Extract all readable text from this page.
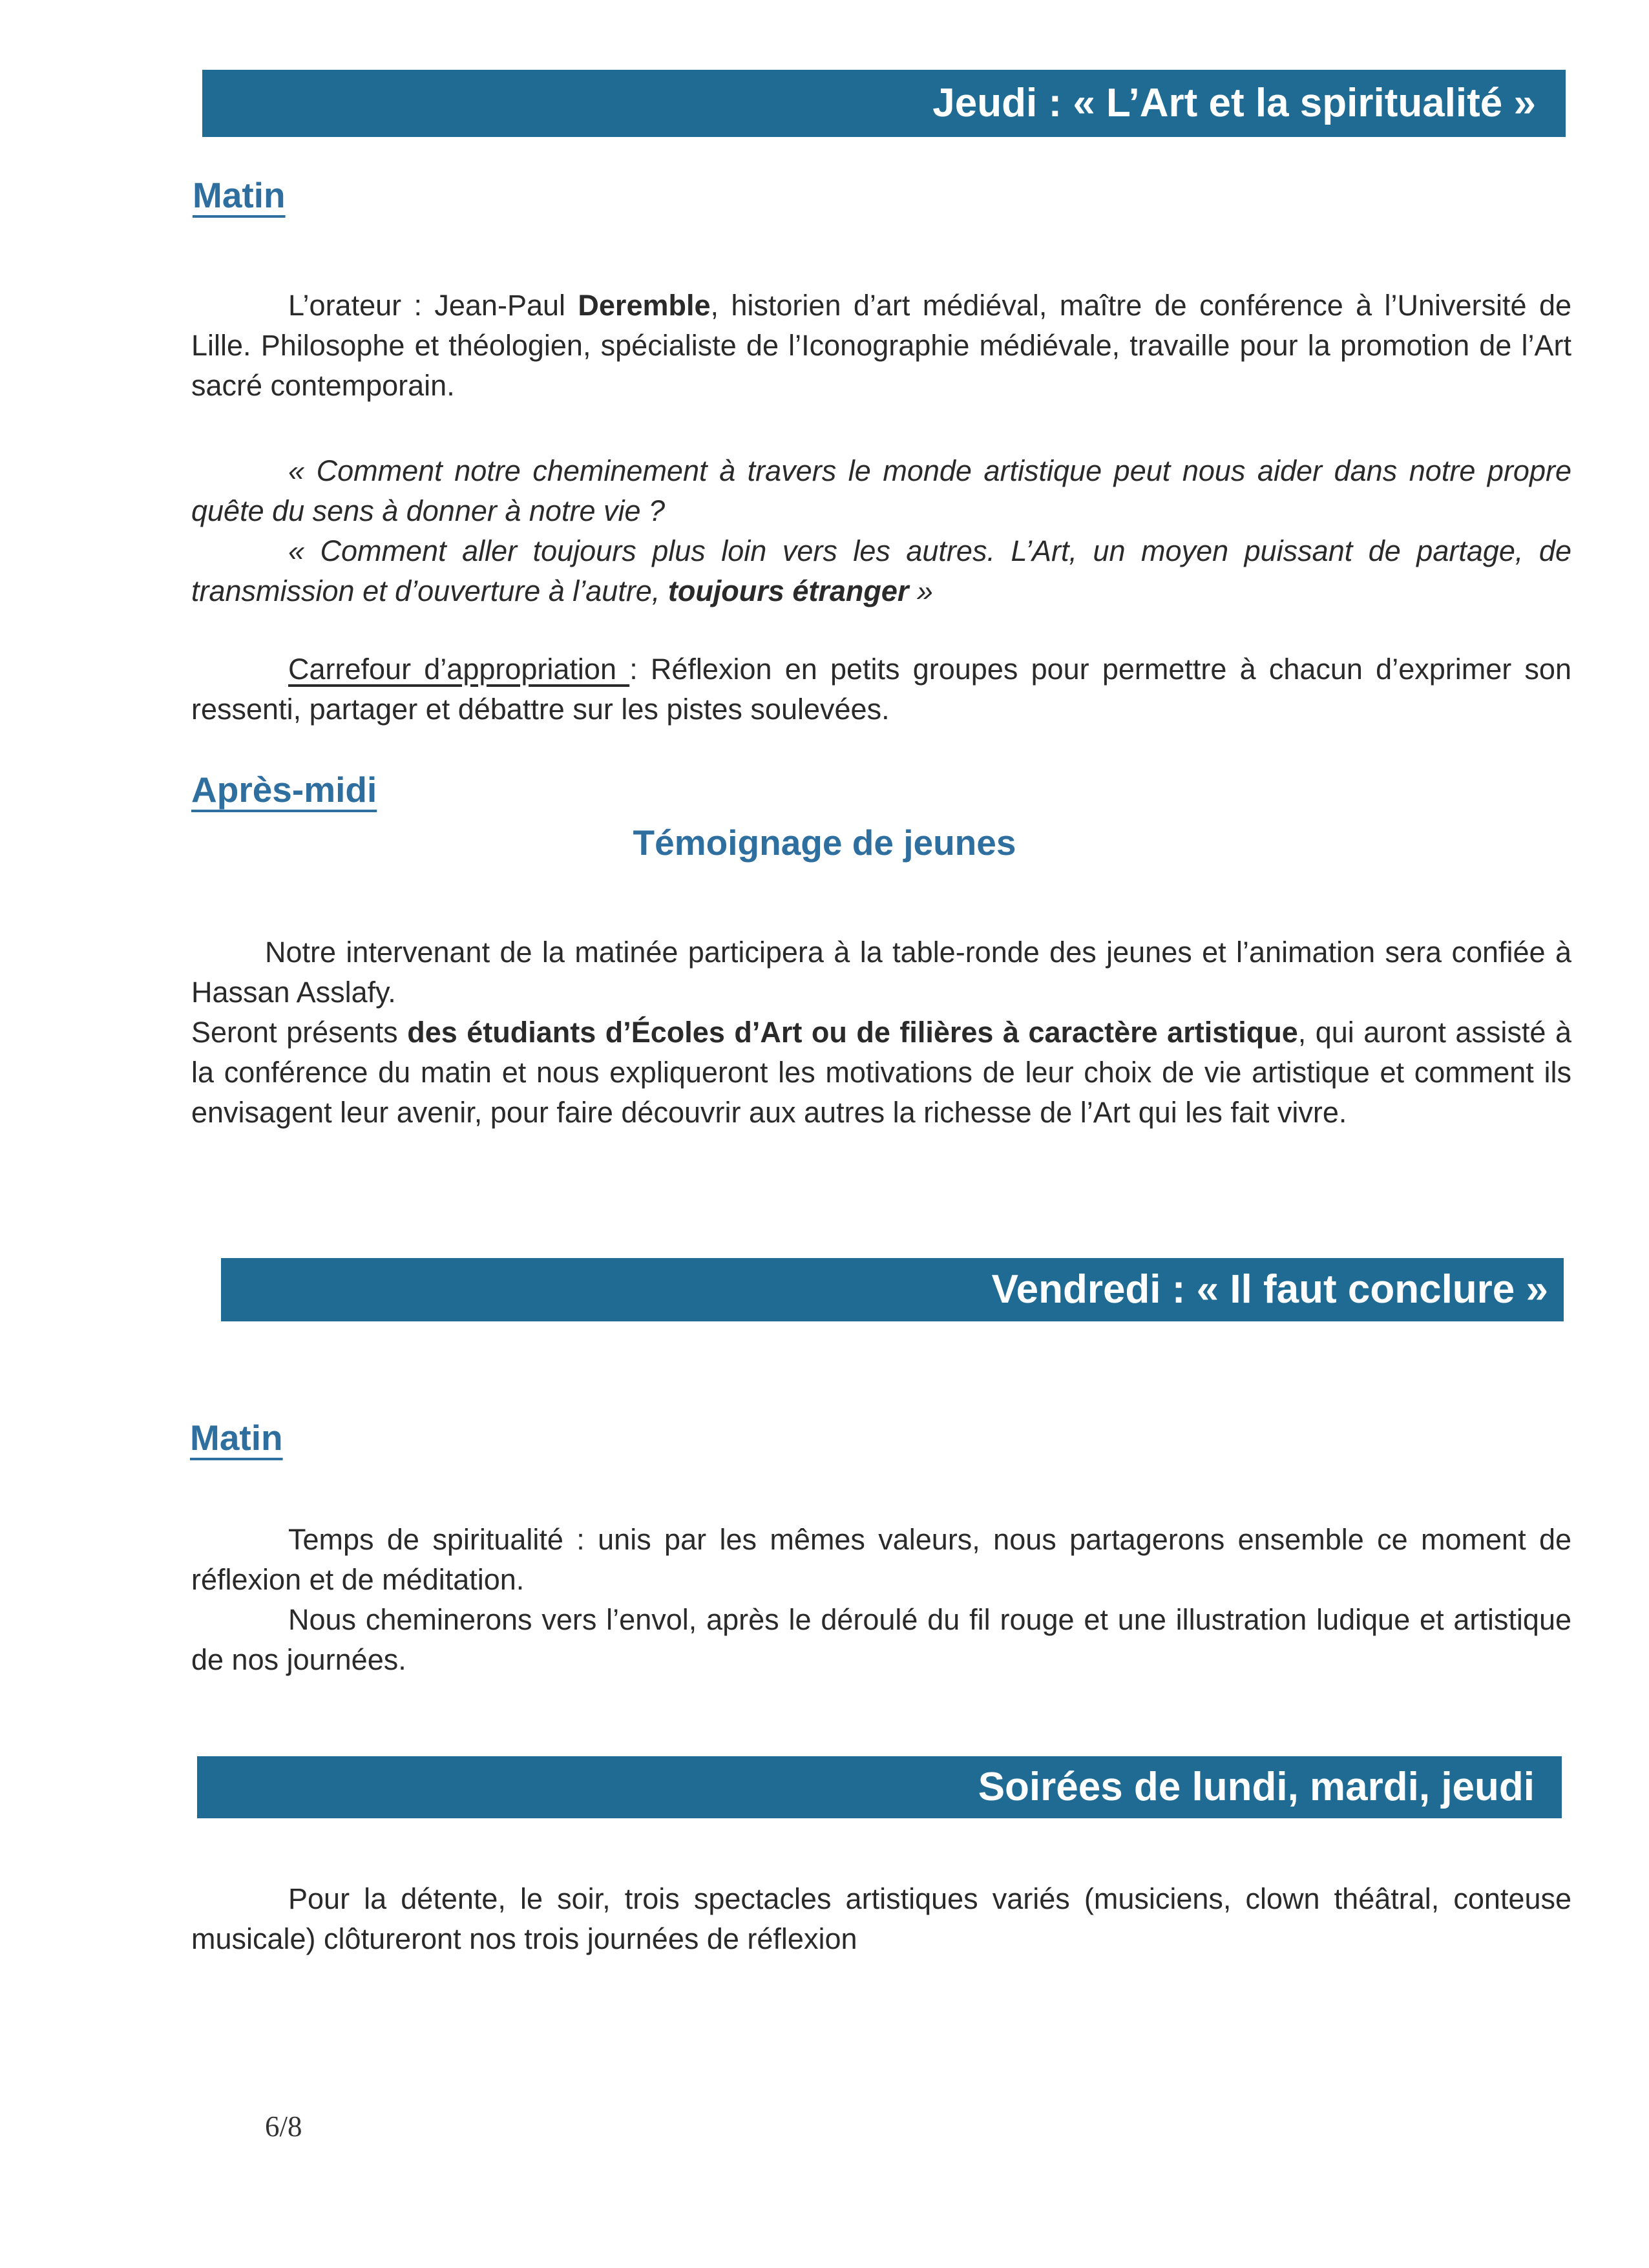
Jeudi : « L’Art et la spiritualité »
Matin

L’orateur : Jean-Paul Deremble, historien d’art médiéval, maître de conférence à l’Université de Lille. Philosophe et théologien, spécialiste de l’Iconographie médiévale, travaille pour la promotion de l’Art sacré contemporain.

« Comment notre cheminement à travers le monde artistique peut nous aider dans notre propre quête du sens à donner à notre vie ?

« Comment aller toujours plus loin vers les autres. L’Art, un moyen puissant de partage, de transmission et d’ouverture à l’autre, toujours étranger »

Carrefour d’appropriation : Réflexion en petits groupes pour permettre à chacun d’exprimer son ressenti, partager et débattre sur les pistes soulevées.

Après-midi
Témoignage de jeunes

Notre intervenant de la matinée participera à la table-ronde des jeunes et l’animation sera confiée à Hassan Asslafy.

Seront présents des étudiants d’Écoles d’Art ou de filières à caractère artistique, qui auront assisté à la conférence du matin et nous expliqueront les motivations de leur choix de vie artistique et comment ils envisagent leur avenir, pour faire découvrir aux autres la richesse de l’Art qui les fait vivre.

Vendredi : « Il faut conclure »
Matin

Temps de spiritualité : unis par les mêmes valeurs, nous partagerons ensemble ce moment de réflexion et de méditation.

Nous cheminerons vers l’envol, après le déroulé du fil rouge et une illustration ludique et artistique de nos journées.

Soirées de lundi, mardi, jeudi

Pour la détente, le soir, trois spectacles artistiques variés (musiciens, clown théâtral, conteuse musicale) clôtureront nos trois journées de réflexion

6/8
